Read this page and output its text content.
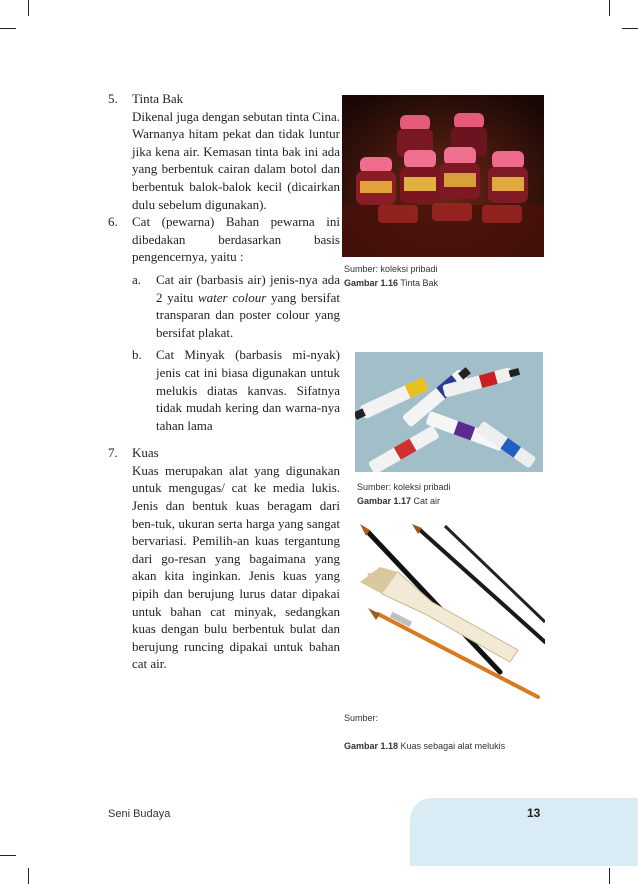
5. Tinta Bak
Dikenal juga dengan sebutan tinta Cina. Warnanya hitam pekat dan tidak luntur jika kena air. Kemasan tinta bak ini ada yang berbentuk cairan dalam botol dan berbentuk balok-balok kecil (dicairkan dulu sebelum digunakan).
6. Cat (pewarna) Bahan pewarna ini dibedakan berdasarkan basis pengencernya, yaitu :
a. Cat air (barbasis air) jenis-nya ada 2 yaitu water colour yang bersifat transparan dan poster colour yang bersifat plakat.
b. Cat Minyak (barbasis mi-nyak) jenis cat ini biasa digunakan untuk melukis diatas kanvas. Sifatnya tidak mudah kering dan warna-nya tahan lama
7. Kuas
Kuas merupakan alat yang digunakan untuk mengugas/ cat ke media lukis. Jenis dan bentuk kuas beragam dari ben-tuk, ukuran serta harga yang sangat bervariasi. Pemilih-an kuas tergantung dari go-resan yang bagaimana yang akan kita inginkan. Jenis kuas yang pipih dan berujung lurus datar dipakai untuk bahan cat minyak, sedangkan kuas dengan bulu berbentuk bulat dan berujung runcing dipakai untuk bahan cat air.
Sumber: koleksi pribadi
Gambar 1.16 Tinta Bak
Sumber: koleksi pribadi
Gambar 1.17 Cat air
Sumber:
Gambar 1.18 Kuas sebagai alat melukis
Seni Budaya	13
